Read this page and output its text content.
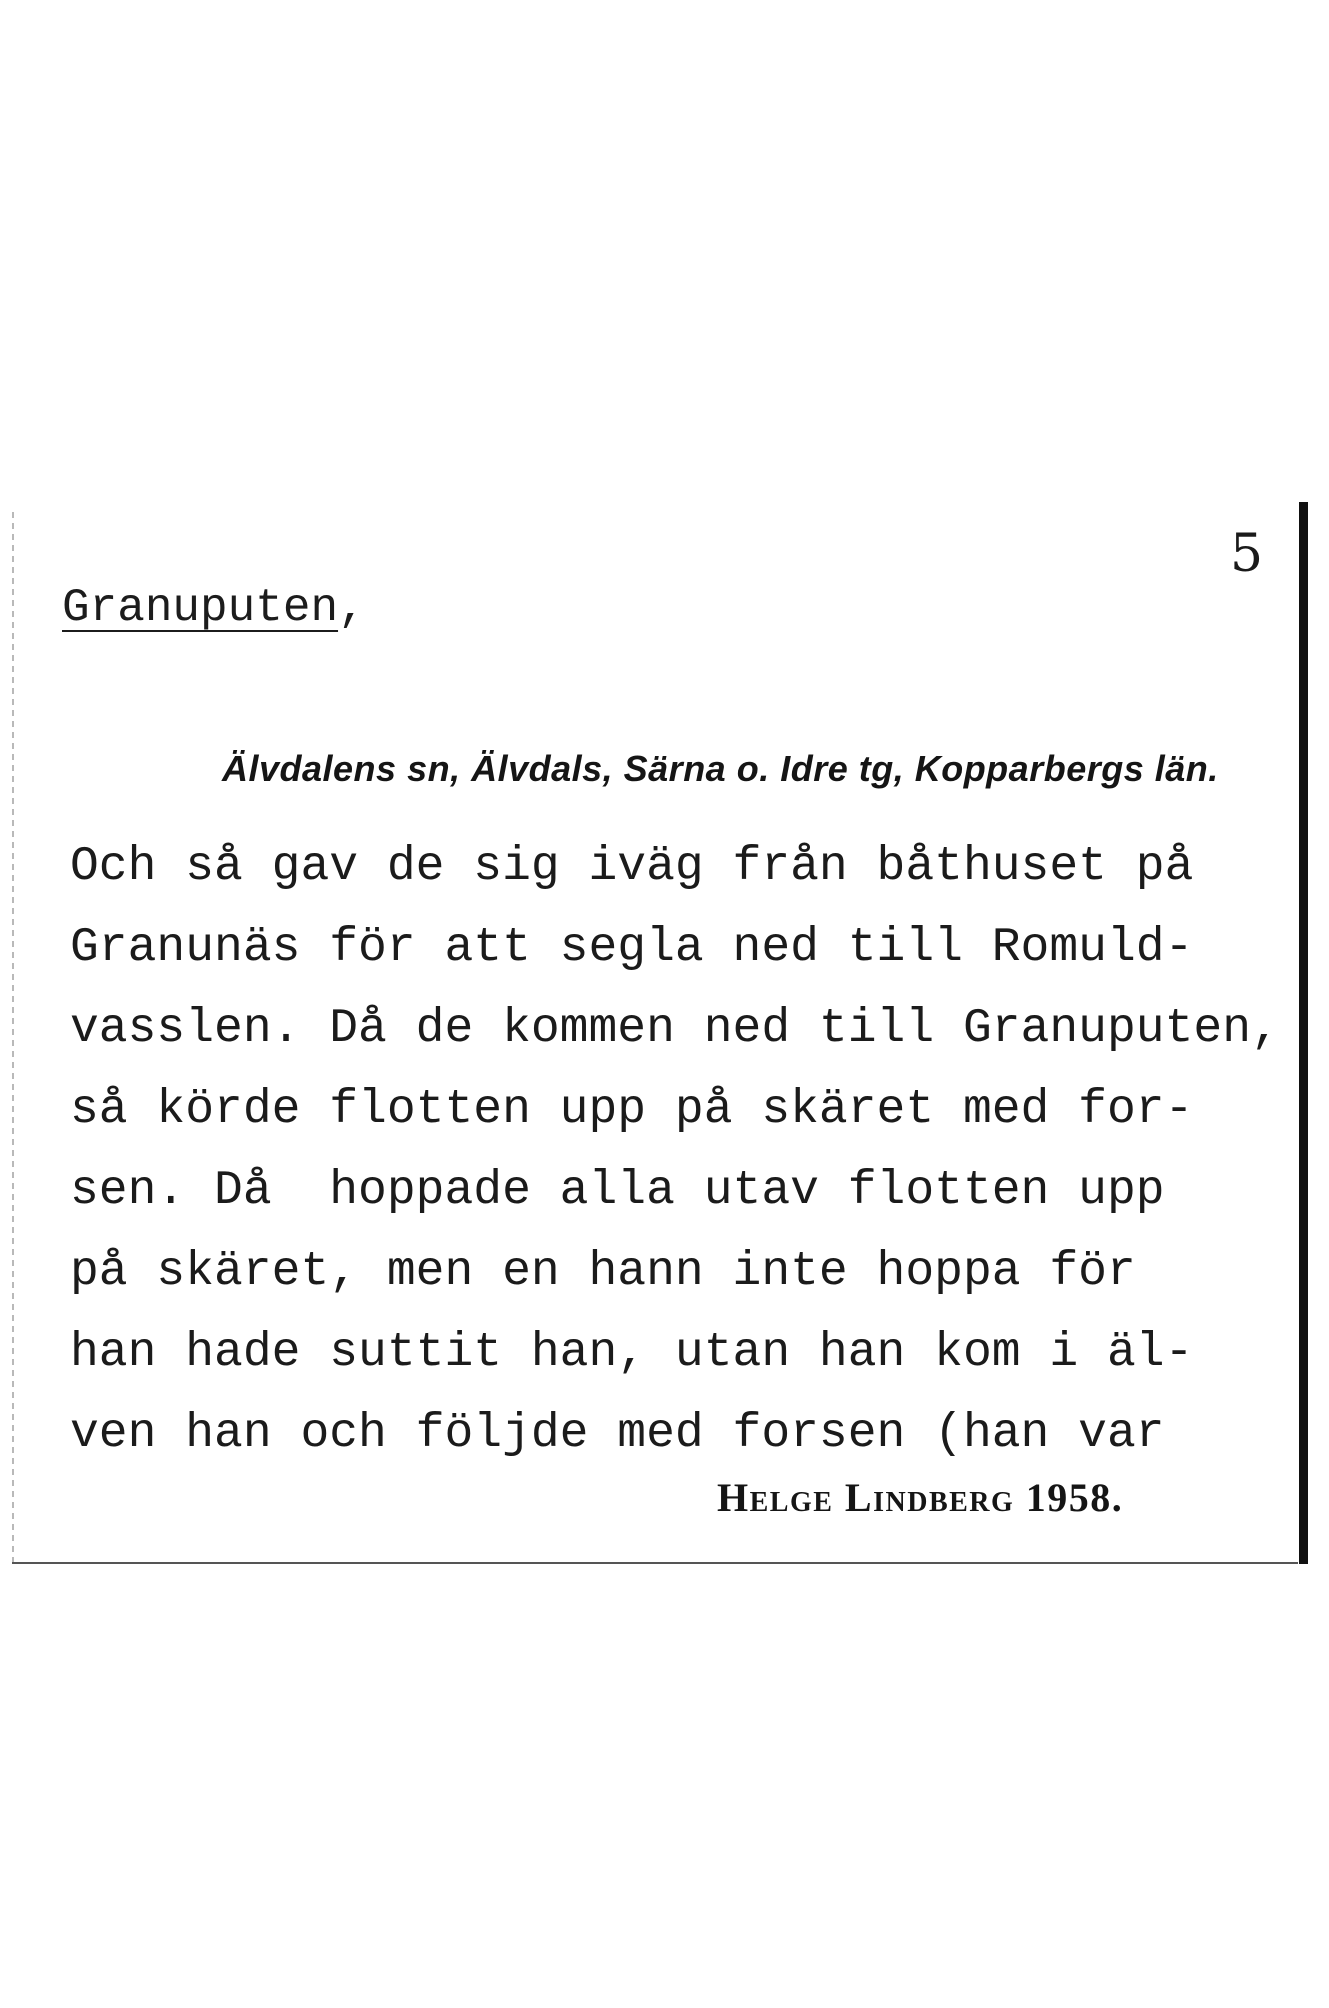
5
Granuputen,
Älvdalens sn, Älvdals, Särna o. Idre tg, Kopparbergs län.
Och så gav de sig iväg från båthuset på
Granunäs för att segla ned till Romuld-
vasslen. Då de kommen ned till Granuputen,
så körde flotten upp på skäret med for-
sen. Då  hoppade alla utav flotten upp
på skäret, men en hann inte hoppa för
han hade suttit han, utan han kom i äl-
ven han och följde med forsen (han var
Helge Lindberg 1958.
